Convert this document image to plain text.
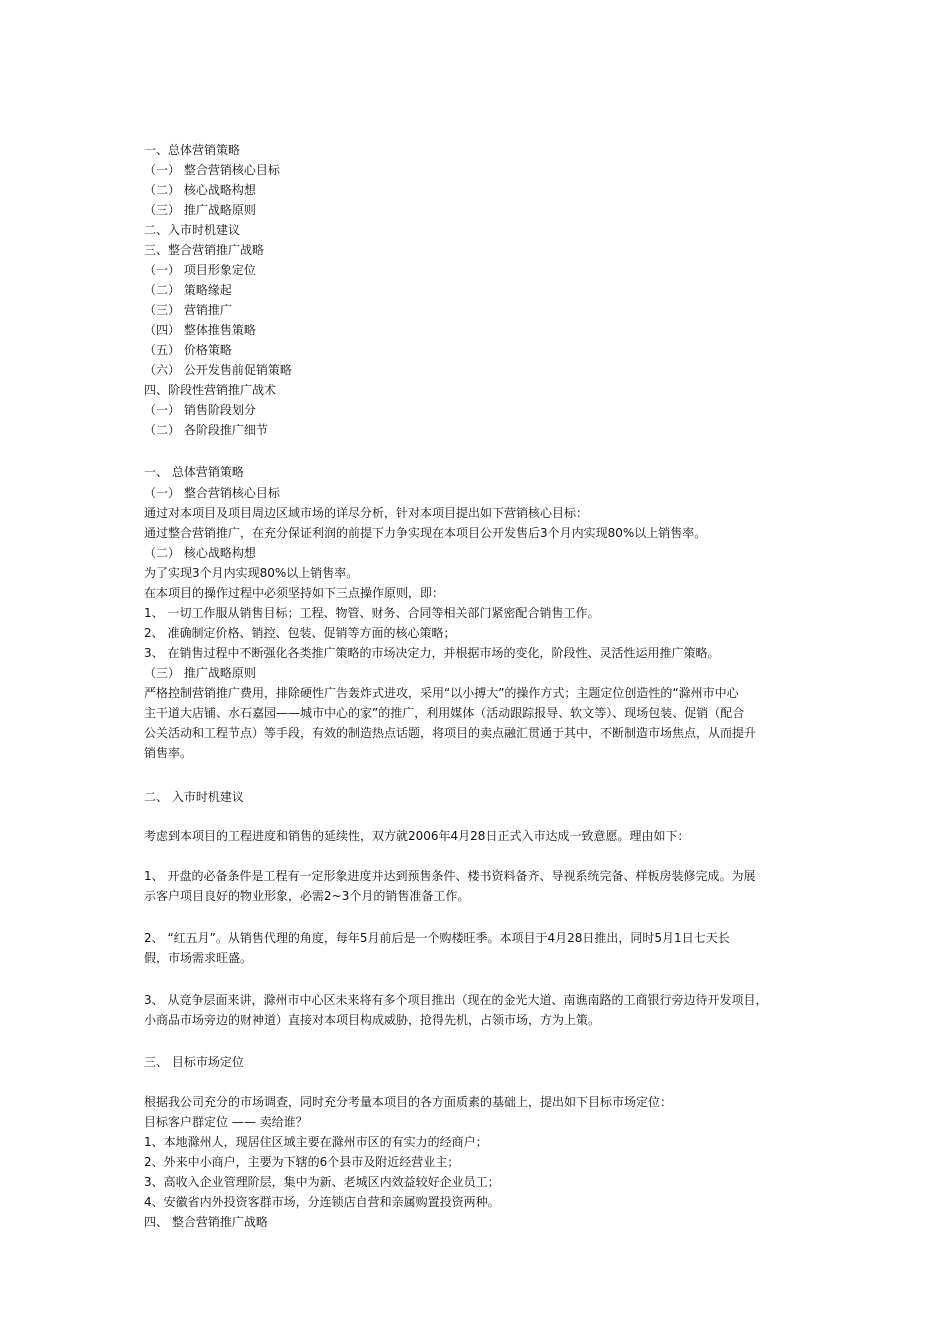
一、总体营销策略

（一） 整合营销核心目标

（二） 核心战略构想

（三） 推广战略原则

二、入市时机建议

三、整合营销推广战略

（一） 项目形象定位

（二） 策略缘起

（三） 营销推广

（四） 整体推售策略

（五） 价格策略

（六） 公开发售前促销策略

四、阶段性营销推广战术

（一） 销售阶段划分

（二） 各阶段推广细节

一、 总体营销策略

（一） 整合营销核心目标

通过对本项目及项目周边区域市场的详尽分析，针对本项目提出如下营销核心目标：

通过整合营销推广，在充分保证利润的前提下力争实现在本项目公开发售后3个月内实现80%以上销售率。

（二） 核心战略构想

为了实现3个月内实现80%以上销售率。

在本项目的操作过程中必须坚持如下三点操作原则，即：

1、 一切工作服从销售目标；工程、物管、财务、合同等相关部门紧密配合销售工作。

2、 准确制定价格、销控、包装、促销等方面的核心策略；

3、 在销售过程中不断强化各类推广策略的市场决定力，并根据市场的变化，阶段性、灵活性运用推广策略。

（三） 推广战略原则

严格控制营销推广费用，排除硬性广告轰炸式进攻，采用“以小搏大”的操作方式；主题定位创造性的“滁州市中心

主干道大店铺、水石嘉园——城市中心的家”的推广，利用媒体（活动跟踪报导、软文等）、现场包装、促销（配合

公关活动和工程节点）等手段，有效的制造热点话题，将项目的卖点融汇贯通于其中，不断制造市场焦点，从而提升

销售率。

二、 入市时机建议

考虑到本项目的工程进度和销售的延续性，双方就2006年4月28日正式入市达成一致意愿。理由如下：

1、 开盘的必备条件是工程有一定形象进度并达到预售条件、楼书资料备齐、导视系统完备、样板房装修完成。为展

示客户项目良好的物业形象，必需2~3个月的销售准备工作。

2、 “红五月”。从销售代理的角度，每年5月前后是一个购楼旺季。本项目于4月28日推出，同时5月1日七天长

假，市场需求旺盛。

3、 从竞争层面来讲，滁州市中心区未来将有多个项目推出（现在的金光大道、南谯南路的工商银行旁边待开发项目，

小商品市场旁边的财神道）直接对本项目构成威胁，抢得先机，占领市场，方为上策。

三、 目标市场定位

根据我公司充分的市场调查，同时充分考量本项目的各方面质素的基础上，提出如下目标市场定位：

目标客户群定位 —— 卖给谁？

1、本地滁州人，现居住区域主要在滁州市区的有实力的经商户；

2、外来中小商户，主要为下辖的6个县市及附近经营业主；

3、高收入企业管理阶层，集中为新、老城区内效益较好企业员工；

4、安徽省内外投资客群市场，分连锁店自营和亲属购置投资两种。

四、 整合营销推广战略
